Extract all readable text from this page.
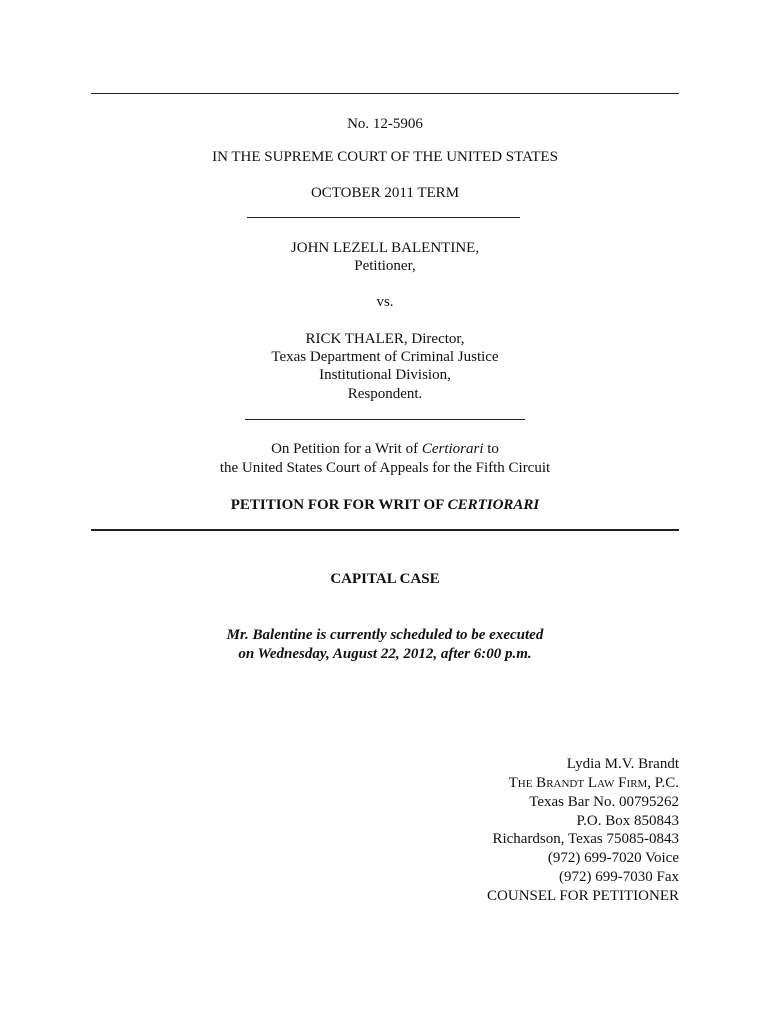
No. 12-5906
IN THE SUPREME COURT OF THE UNITED STATES
OCTOBER 2011 TERM
JOHN LEZELL BALENTINE,
Petitioner,
vs.
RICK THALER, Director,
Texas Department of Criminal Justice
Institutional Division,
Respondent.
On Petition for a Writ of Certiorari to
the United States Court of Appeals for the Fifth Circuit
PETITION FOR FOR WRIT OF CERTIORARI
CAPITAL CASE
Mr. Balentine is currently scheduled to be executed
on Wednesday, August 22, 2012, after 6:00 p.m.
Lydia M.V. Brandt
The Brandt Law Firm, P.C.
Texas Bar No. 00795262
P.O. Box 850843
Richardson, Texas 75085-0843
(972) 699-7020 Voice
(972) 699-7030 Fax
COUNSEL FOR PETITIONER
